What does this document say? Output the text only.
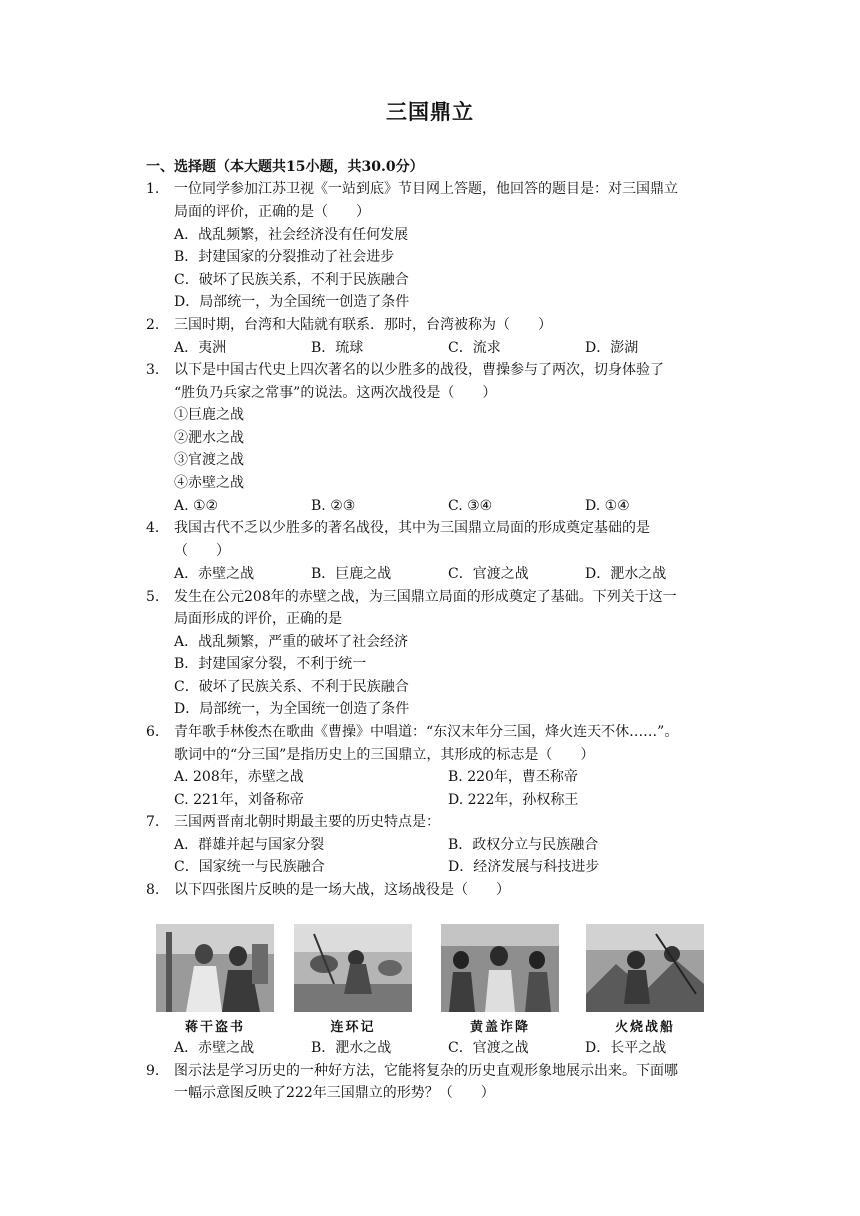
三国鼎立
一、选择题（本大题共15小题，共30.0分）
1. 一位同学参加江苏卫视《一站到底》节目网上答题，他回答的题目是：对三国鼎立
局面的评价，正确的是（　　）
A．战乱频繁，社会经济没有任何发展
B．封建国家的分裂推动了社会进步
C．破坏了民族关系，不利于民族融合
D．局部统一，为全国统一创造了条件
2. 三国时期，台湾和大陆就有联系．那时，台湾被称为（　　）
A．夷洲	B．琉球	C．流求	D．澎湖
3. 以下是中国古代史上四次著名的以少胜多的战役，曹操参与了两次，切身体验了
“胜负乃兵家之常事”的说法。这两次战役是（　　）
①巨鹿之战
②淝水之战
③官渡之战
④赤壁之战
A. ①②	B. ②③	C. ③④	D. ①④
4. 我国古代不乏以少胜多的著名战役，其中为三国鼎立局面的形成奠定基础的是
（　　）
A．赤壁之战	B．巨鹿之战	C．官渡之战	D．淝水之战
5. 发生在公元208年的赤壁之战，为三国鼎立局面的形成奠定了基础。下列关于这一
局面形成的评价，正确的是
A．战乱频繁，严重的破坏了社会经济
B．封建国家分裂，不利于统一
C．破坏了民族关系、不利于民族融合
D．局部统一，为全国统一创造了条件
6. 青年歌手林俊杰在歌曲《曹操》中唱道：“东汉末年分三国，烽火连天不休……”。
歌词中的“分三国”是指历史上的三国鼎立，其形成的标志是（　　）
A. 208年，赤壁之战	B. 220年，曹丕称帝
C. 221年，刘备称帝	D. 222年，孙权称王
7. 三国两晋南北朝时期最主要的历史特点是：
A．群雄并起与国家分裂	B．政权分立与民族融合
C．国家统一与民族融合	D．经济发展与科技进步
8. 以下四张图片反映的是一场大战，这场战役是（　　）
蒋干盗书	连环记	黄盖诈降	火烧战船
A．赤壁之战	B．淝水之战	C．官渡之战	D．长平之战
9. 图示法是学习历史的一种好方法，它能将复杂的历史直观形象地展示出来。下面哪
一幅示意图反映了222年三国鼎立的形势？（　　）
